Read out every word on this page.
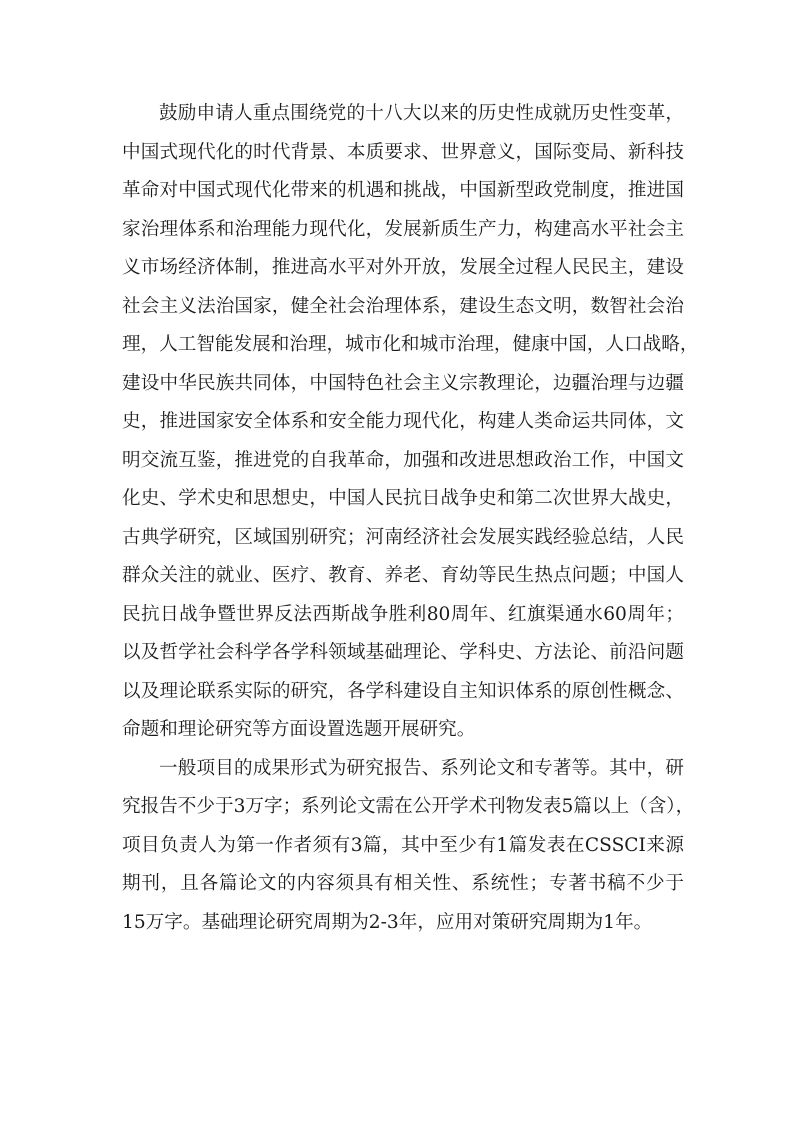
鼓励申请人重点围绕党的十八大以来的历史性成就历史性变革，
中国式现代化的时代背景、本质要求、世界意义，国际变局、新科技
革命对中国式现代化带来的机遇和挑战，中国新型政党制度，推进国
家治理体系和治理能力现代化，发展新质生产力，构建高水平社会主
义市场经济体制，推进高水平对外开放，发展全过程人民民主，建设
社会主义法治国家，健全社会治理体系，建设生态文明，数智社会治
理，人工智能发展和治理，城市化和城市治理，健康中国，人口战略，
建设中华民族共同体，中国特色社会主义宗教理论，边疆治理与边疆
史，推进国家安全体系和安全能力现代化，构建人类命运共同体，文
明交流互鉴，推进党的自我革命，加强和改进思想政治工作，中国文
化史、学术史和思想史，中国人民抗日战争史和第二次世界大战史，
古典学研究，区域国别研究；河南经济社会发展实践经验总结，人民
群众关注的就业、医疗、教育、养老、育幼等民生热点问题；中国人
民抗日战争暨世界反法西斯战争胜利80周年、红旗渠通水60周年；
以及哲学社会科学各学科领域基础理论、学科史、方法论、前沿问题
以及理论联系实际的研究，各学科建设自主知识体系的原创性概念、
命题和理论研究等方面设置选题开展研究。
一般项目的成果形式为研究报告、系列论文和专著等。其中，研
究报告不少于3万字；系列论文需在公开学术刊物发表5篇以上（含），
项目负责人为第一作者须有3篇，其中至少有1篇发表在CSSCI来源
期刊，且各篇论文的内容须具有相关性、系统性；专著书稿不少于
15万字。基础理论研究周期为2-3年，应用对策研究周期为1年。
